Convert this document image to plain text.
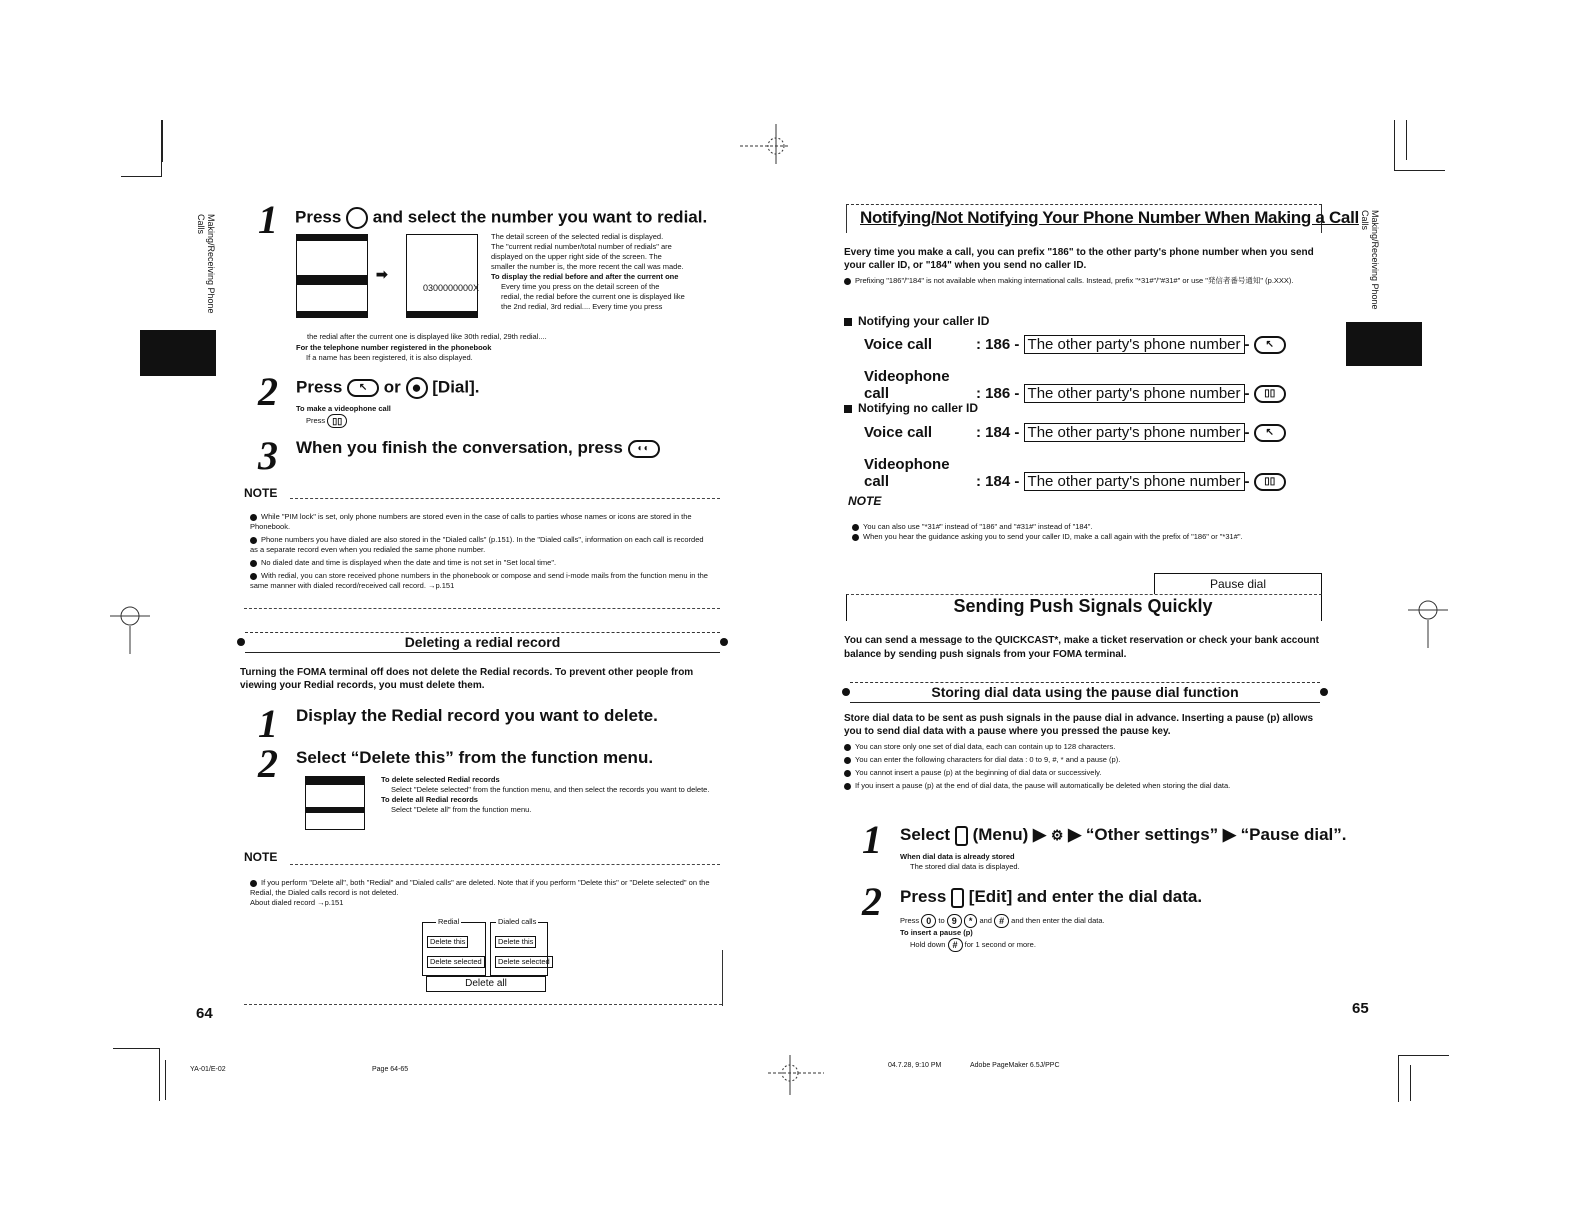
Making/Receiving Phone Calls 1 Press and select the number you want to redial.
➡
0300000000X
The detail screen of the selected redial is displayed.
The "current redial number/total number of redials" are
displayed on the upper right side of the screen. The
smaller the number is, the more recent the call was made.
To display the redial before and after the current one
Every time you press on the detail screen of the
redial, the redial before the current one is displayed like
the 2nd redial, 3rd redial.... Every time you press
the redial after the current one is displayed like 30th redial, 29th redial....
For the telephone number registered in the phonebook
If a name has been registered, it is also displayed.
2 Press ↖ or ● [Dial].
To make a videophone call
Press ▯▯
3 When you finish the conversation, press ◐◐
NOTE
While "PIM lock" is set, only phone numbers are stored even in the case of calls to parties whose names or icons are stored in the Phonebook.
Phone numbers you have dialed are also stored in the "Dialed calls" (p.151). In the "Dialed calls", information on each call is recorded as a separate record even when you redialed the same phone number.
No dialed date and time is displayed when the date and time is not set in "Set local time".
With redial, you can store received phone numbers in the phonebook or compose and send i-mode mails from the function menu in the same manner with dialed record/received call record. →p.151
Deleting a redial record
Turning the FOMA terminal off does not delete the Redial records. To prevent other people from viewing your Redial records, you must delete them.
1 Display the Redial record you want to delete.
2 Select “Delete this” from the function menu.
To delete selected Redial records
Select "Delete selected" from the function menu, and then select the records you want to delete.
To delete all Redial records
Select "Delete all" from the function menu.
NOTE
If you perform "Delete all", both "Redial" and "Dialed calls" are deleted. Note that if you perform "Delete this" or "Delete selected" on the Redial, the Dialed calls record is not deleted.
About dialed record →p.151
Redial	Dialed calls
Delete this
Delete selected
Delete this
Delete selected
Delete all
64
YA-01/E-02	Page 64-65
Making/Receiving Phone Calls
Notifying/Not Notifying Your Phone Number When Making a Call
Every time you make a call, you can prefix "186" to the other party's phone number when you send your caller ID, or "184" when you send no caller ID.
Prefixing "186"/"184" is not available when making international calls. Instead, prefix "*31#"/"#31#" or use "発信者番号通知" (p.XXX).
Notifying your caller ID
Voice call	: 186 - The other party's phone number - ↖
Videophone call	: 186 - The other party's phone number - ▯▯
Notifying no caller ID
Voice call	: 184 - The other party's phone number - ↖
Videophone call	: 184 - The other party's phone number - ▯▯
NOTE
You can also use "*31#" instead of "186" and "#31#" instead of "184".
When you hear the guidance asking you to send your caller ID, make a call again with the prefix of "186" or "*31#".
Pause dial
Sending Push Signals Quickly
You can send a message to the QUICKCAST*, make a ticket reservation or check your bank account balance by sending push signals from your FOMA terminal.
Storing dial data using the pause dial function
Store dial data to be sent as push signals in the pause dial in advance. Inserting a pause (p) allows you to send dial data with a pause where you pressed the pause key.
You can store only one set of dial data, each can contain up to 128 characters.
You can enter the following characters for dial data : 0 to 9, #, * and a pause (p).
You cannot insert a pause (p) at the beginning of dial data or successively.
If you insert a pause (p) at the end of dial data, the pause will automatically be deleted when storing the dial data.
1 Select (Menu) ▶ ⚙ ▶ “Other settings” ▶ “Pause dial”.
When dial data is already stored
The stored dial data is displayed.
2 Press [Edit] and enter the dial data.
Press 0 to 9 * and # and then enter the dial data.
To insert a pause (p)
Hold down # for 1 second or more.
65
04.7.28, 9:10 PM	Adobe PageMaker 6.5J/PPC
